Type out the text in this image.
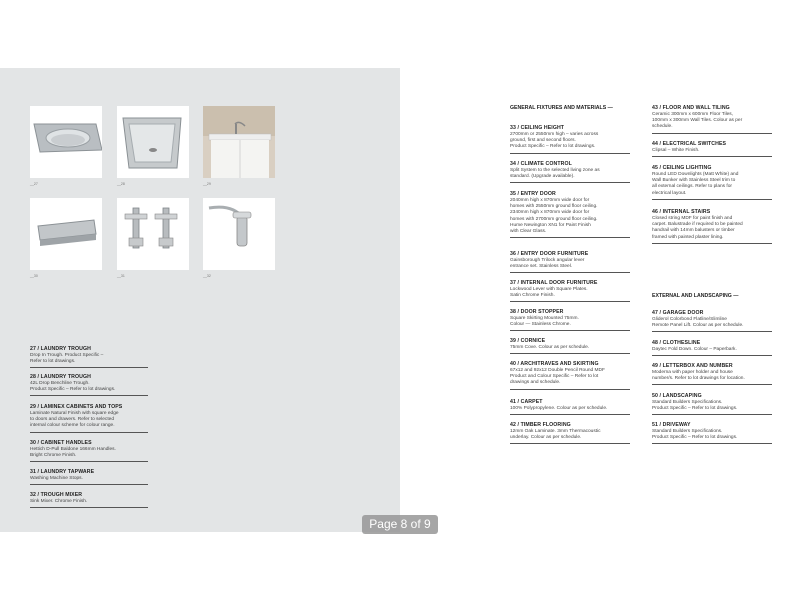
__27	__28	__29
__30	__31	__32
27 / LAUNDRY TROUGH
Drop In Trough. Product Specific –
Refer to lot drawings.
28 / LAUNDRY TROUGH
42L Drop Benchline Trough.
Product Specific – Refer to lot drawings.
29 / LAMINEX CABINETS AND TOPS
Laminate Natural Finish with square edge
to doors and drawers. Refer to selected
internal colour scheme for colour range.
30 / CABINET HANDLES
Hettich D-Pull Baldone 166mm Handles.
Bright Chrome Finish.
31 / LAUNDRY TAPWARE
Washing Machine Stops.
32 / TROUGH MIXER
Sink Mixer. Chrome Finish.
GENERAL FIXTURES AND MATERIALS —
33 / CEILING HEIGHT
2700mm or 2550mm high – varies across
ground, first and second floors.
Product Specific – Refer to lot drawings.
34 / CLIMATE CONTROL
Split System to the selected living zone as
standard. (Upgrade available).
35 / ENTRY DOOR
2040mm high x 870mm wide door for
homes with 2550mm ground floor ceiling.
2340mm high x 870mm wide door for
homes with 2700mm ground floor ceiling.
Hume Newington XN1 for Paint Finish
with Clear Glass.
36 / ENTRY DOOR FURNITURE
Gainsborough Trilock angular lever
entrance set. Stainless Steel.
37 / INTERNAL DOOR FURNITURE
Lockwood Lever with Square Plates.
Satin Chrome Finish.
38 / DOOR STOPPER
Square Skirting Mounted 75mm.
Colour — Stainless Chrome.
39 / CORNICE
75mm Cove. Colour as per schedule.
40 / ARCHITRAVES AND SKIRTING
67x12 and 92x12 Double Pencil Round MDF
Product and Colour Specific – Refer to lot
drawings and schedule.
41 / CARPET
100% Polypropylene. Colour as per schedule.
42 / TIMBER FLOORING
12mm Oak Laminate. 3mm Thermacoustic
underlay. Colour as per schedule.
43 / FLOOR AND WALL TILING
Ceramic 300mm x 600mm Floor Tiles,
100mm x 300mm Wall Tiles. Colour as per
schedule.
44 / ELECTRICAL SWITCHES
Clipsal – White Finish.
45 / CEILING LIGHTING
Round LED Downlights (Matt White) and
Wall Bunker with Stainless Steel trim to
all external ceilings. Refer to plans for
electrical layout.
46 / INTERNAL STAIRS
Closed string MDF for paint finish and
carpet. Balustrade if required to be painted
handrail with 14mm balusters or timber
framed with painted plaster lining.
EXTERNAL AND LANDSCAPING —
47 / GARAGE DOOR
Gliderol Colorbond Flatline/Slimline
Remote Panel Lift. Colour as per schedule.
48 / CLOTHESLINE
Daytec Fold Down. Colour – Paperbark.
49 / LETTERBOX AND NUMBER
Moderna with paper holder and house
number/s. Refer to lot drawings for location.
50 / LANDSCAPING
Standard Builders Specifications.
Product Specific – Refer to lot drawings.
51 / DRIVEWAY
Standard Builders Specifications.
Product Specific – Refer to lot drawings.
Page 8 of 9
